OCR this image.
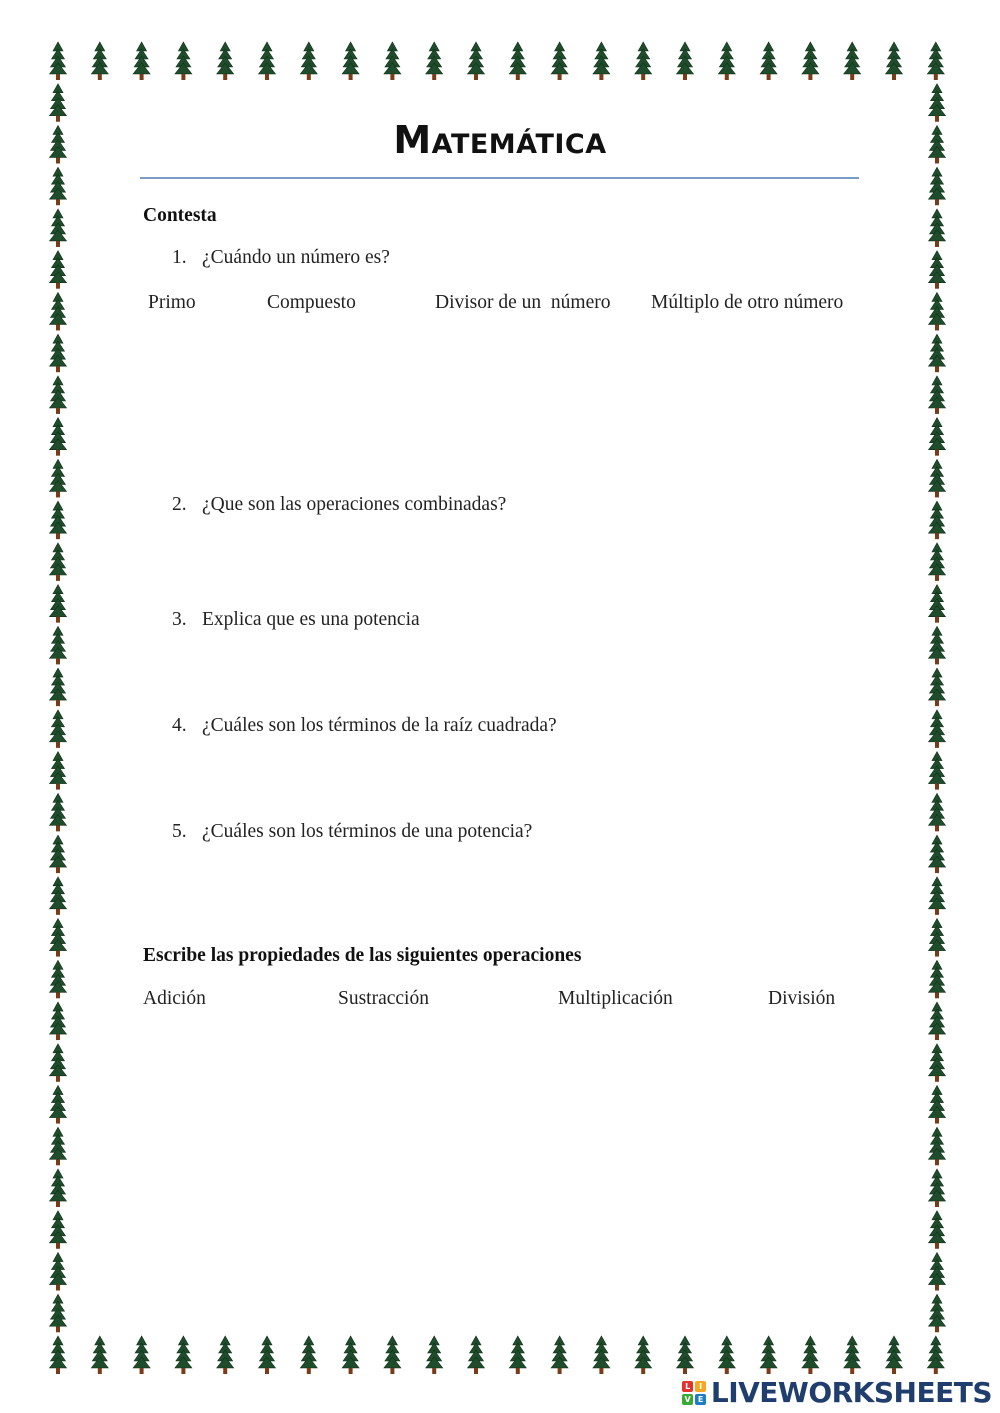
Matemática
Contesta
1. ¿Cuándo un número es?
Primo	Compuesto	Divisor de un  número Múltiplo de otro número
2. ¿Que son las operaciones combinadas?
3. Explica que es una potencia
4. ¿Cuáles son los términos de la raíz cuadrada?
5. ¿Cuáles son los términos de una potencia?
Escribe las propiedades de las siguientes operaciones
Adición	Sustracción	Multiplicación	División
L	I
V E LIVEWORKSHEETS
